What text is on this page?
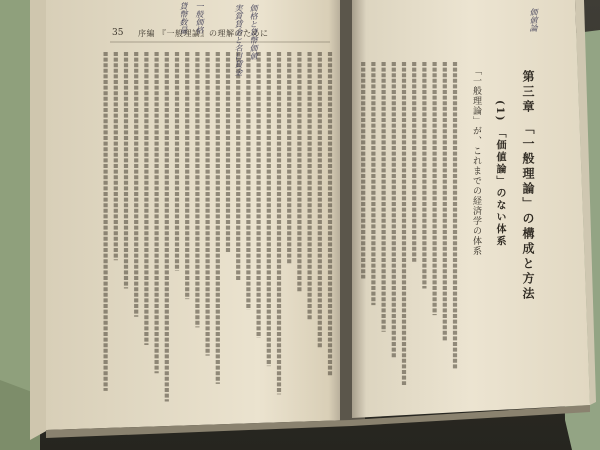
35 序編 『一般理論』の理解のために
価格と貨幣価値
実質賃金と名目賃金
一般価格
貨幣数量	価値論
第三章 「一般理論」の構成と方法
(1) 「価値論」のない体系
「一般理論」が、これまでの経済学の体系
